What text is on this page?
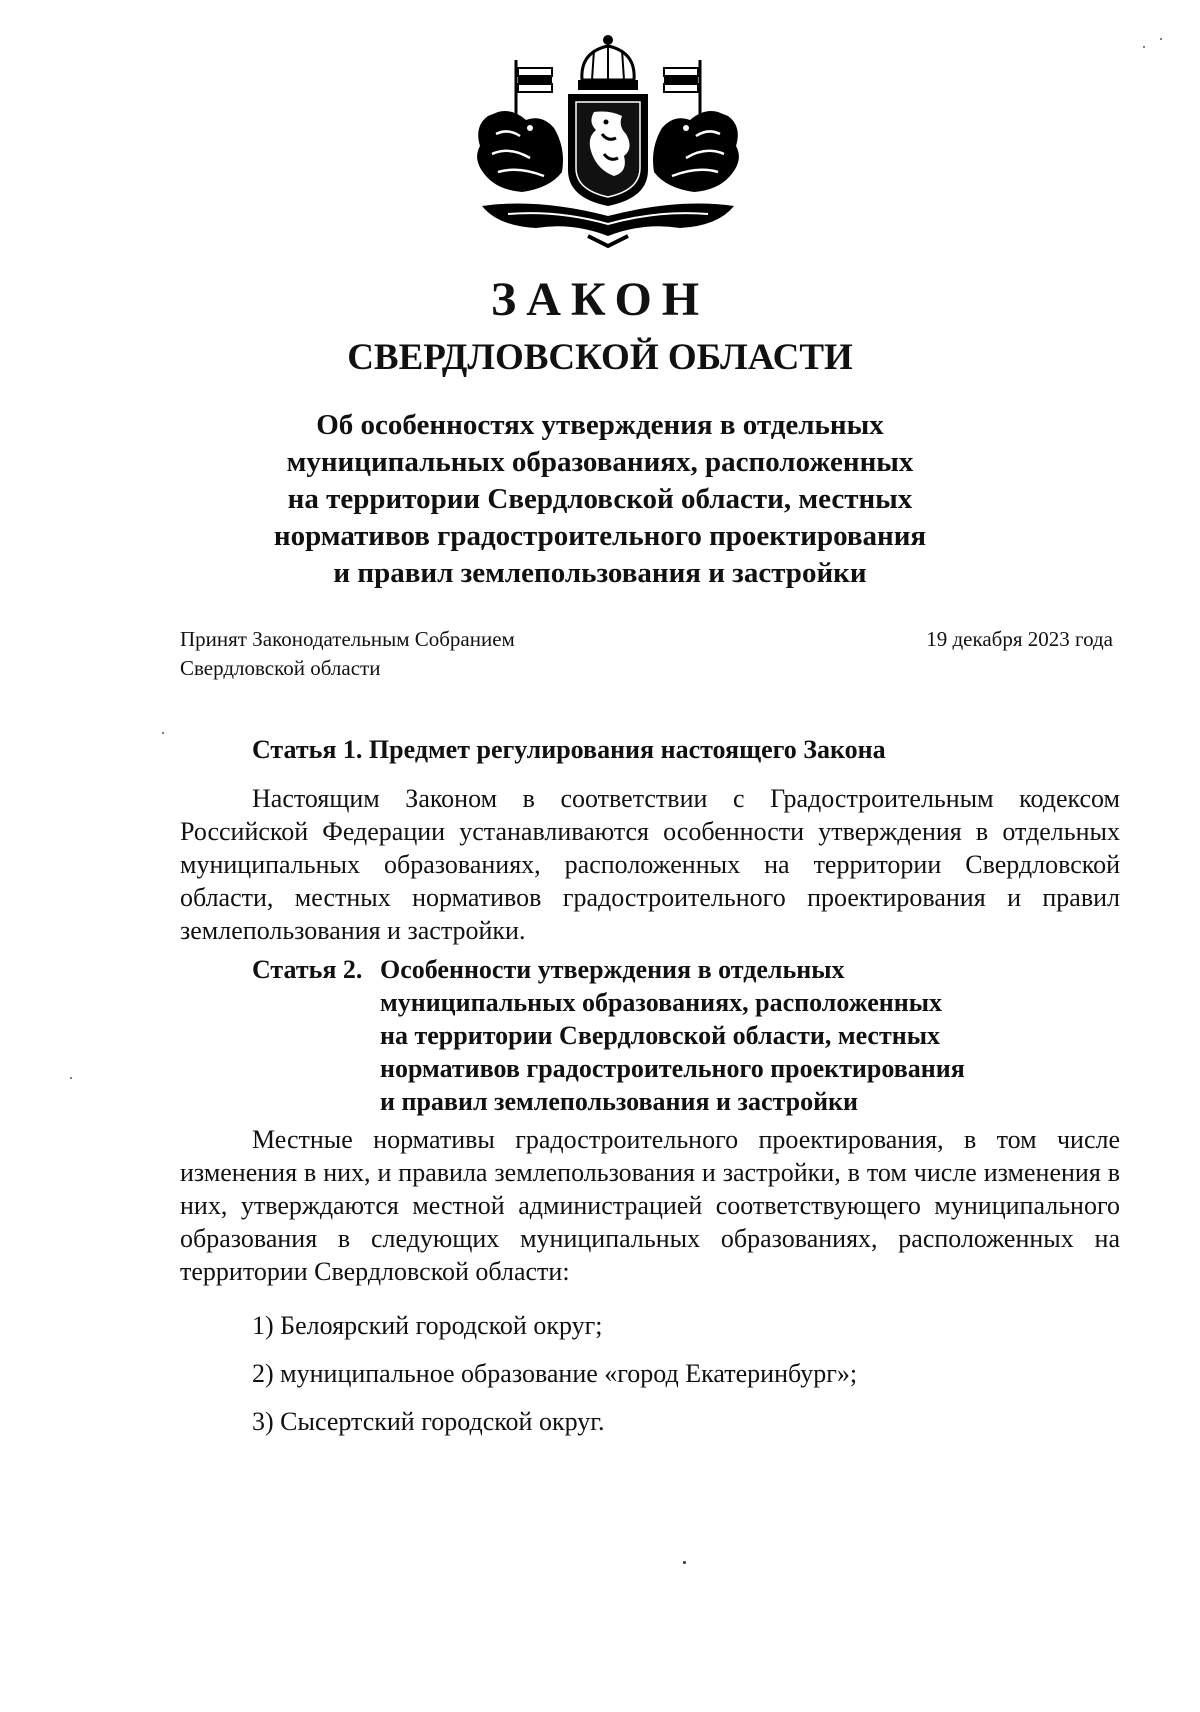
ЗАКОН
СВЕРДЛОВСКОЙ ОБЛАСТИ
Об особенностях утверждения в отдельных
муниципальных образованиях, расположенных
на территории Свердловской области, местных
нормативов градостроительного проектирования
и правил землепользования и застройки
Принят Законодательным Собранием
Свердловской области
19 декабря 2023 года
Статья 1. Предмет регулирования настоящего Закона
Настоящим Законом в соответствии с Градостроительным кодексом Российской Федерации устанавливаются особенности утверждения в отдельных муниципальных образованиях, расположенных на территории Свердловской области, местных нормативов градостроительного проектирования и правил землепользования и застройки.
Статья 2. Особенности утверждения в отдельных
муниципальных образованиях, расположенных
на территории Свердловской области, местных
нормативов градостроительного проектирования
и правил землепользования и застройки
Местные нормативы градостроительного проектирования, в том числе изменения в них, и правила землепользования и застройки, в том числе изменения в них, утверждаются местной администрацией соответствующего муниципального образования в следующих муниципальных образованиях, расположенных на территории Свердловской области:
1) Белоярский городской округ;
2) муниципальное образование «город Екатеринбург»;
3) Сысертский городской округ.
